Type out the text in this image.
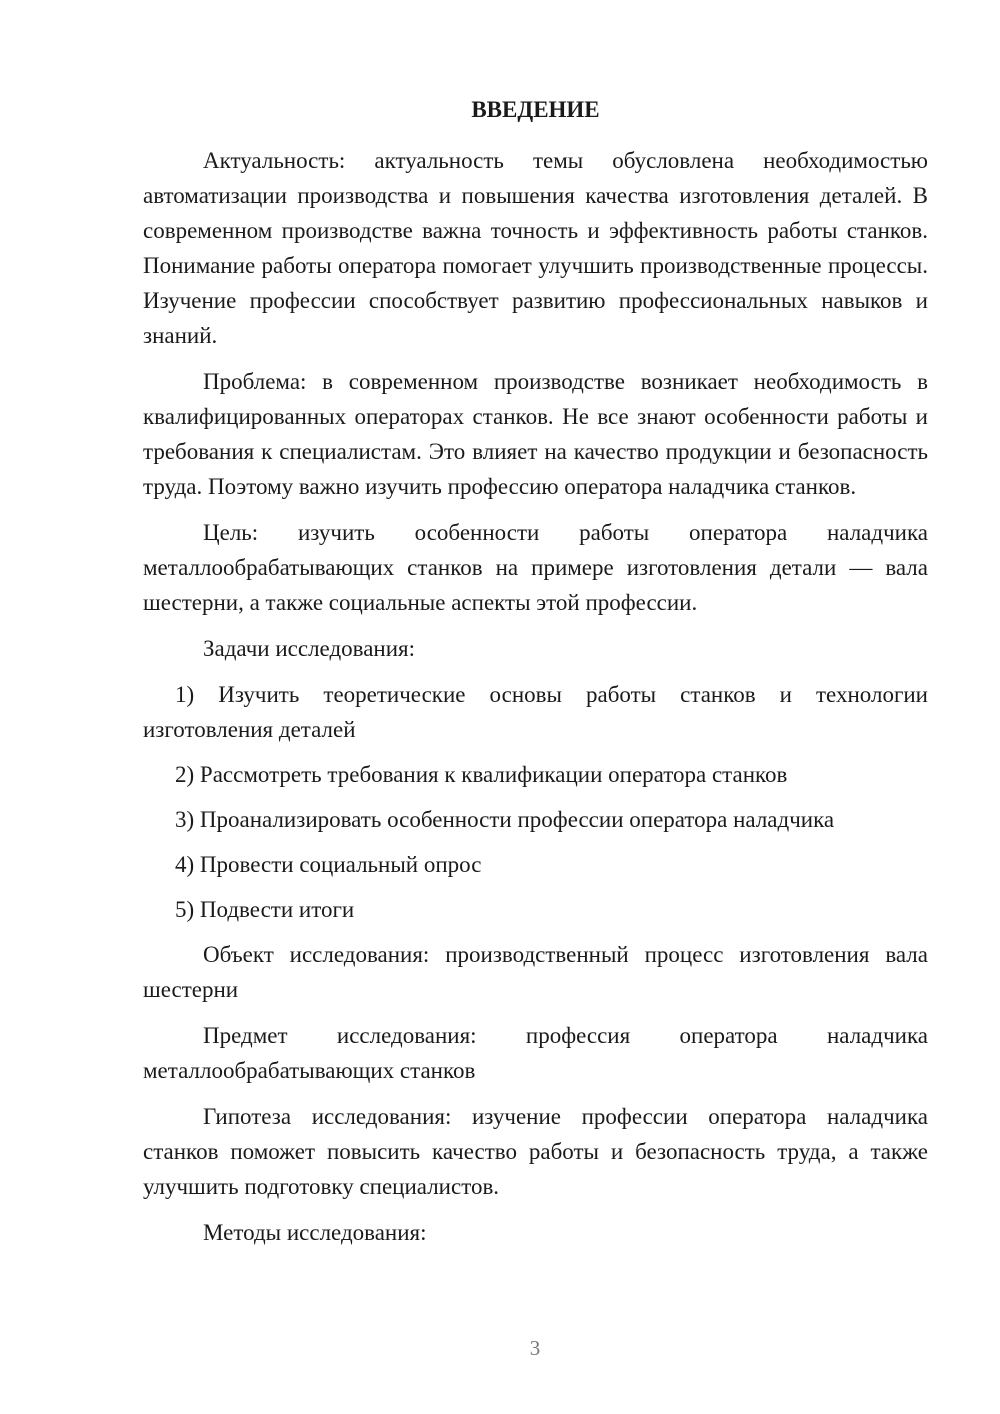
ВВЕДЕНИЕ

Актуальность: актуальность темы обусловлена необходимостью автоматизации производства и повышения качества изготовления деталей. В современном производстве важна точность и эффективность работы станков. Понимание работы оператора помогает улучшить производственные процессы. Изучение профессии способствует развитию профессиональных навыков и знаний.

Проблема: в современном производстве возникает необходимость в квалифицированных операторах станков. Не все знают особенности работы и требования к специалистам. Это влияет на качество продукции и безопасность труда. Поэтому важно изучить профессию оператора наладчика станков.

Цель: изучить особенности работы оператора наладчика металлообрабатывающих станков на примере изготовления детали — вала шестерни, а также социальные аспекты этой профессии.

Задачи исследования:

1) Изучить теоретические основы работы станков и технологии изготовления деталей

2) Рассмотреть требования к квалификации оператора станков

3) Проанализировать особенности профессии оператора наладчика

4) Провести социальный опрос

5) Подвести итоги

Объект исследования: производственный процесс изготовления вала шестерни

Предмет исследования: профессия оператора наладчика металлообрабатывающих станков

Гипотеза исследования: изучение профессии оператора наладчика станков поможет повысить качество работы и безопасность труда, а также улучшить подготовку специалистов.

Методы исследования:

3
